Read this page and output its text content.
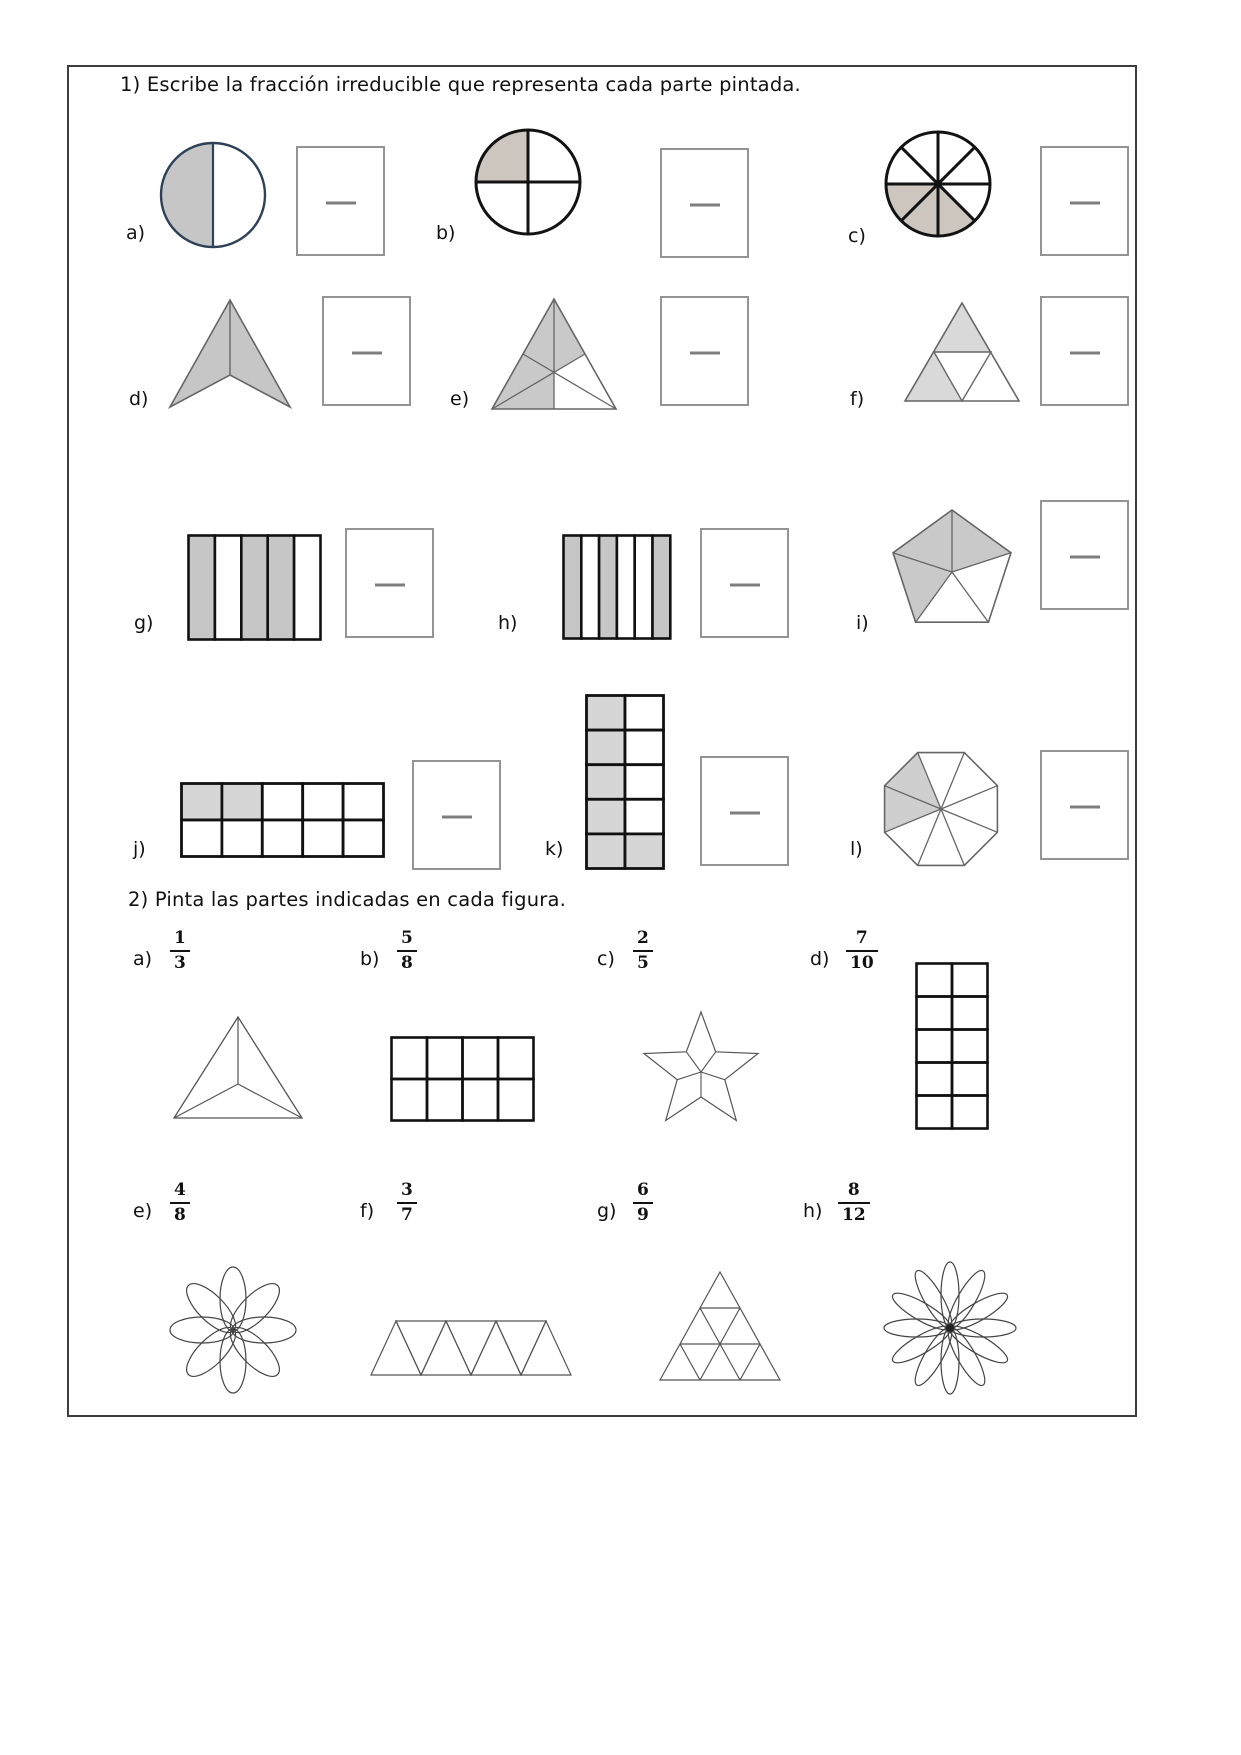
1) Escribe la fracción irreducible que representa cada parte pintada.
a)	b)	c)
d)	e)	f)
g)	h)	i)
j)	k)	l)
2) Pinta las partes indicadas en cada figura.
$a) \frac{1}{3}$	$b) \frac{5}{8}$	$c) \frac{2}{5}$	$d) \frac{7}{10}$
$e) \frac{4}{8}$	$f) \frac{3}{7}$	$g) \frac{6}{9}$	$h) \frac{8}{12}$
